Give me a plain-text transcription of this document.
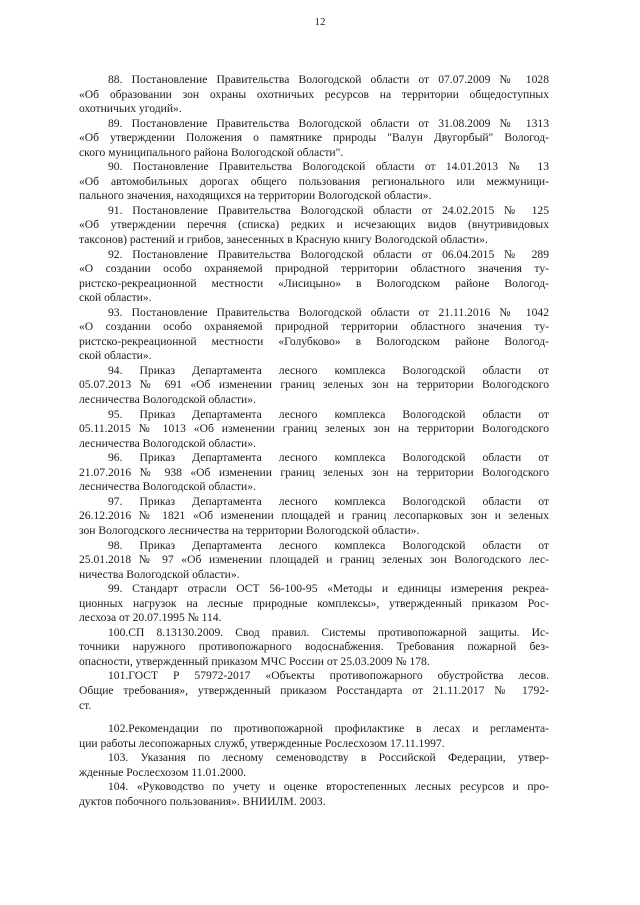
12
88. Постановление Правительства Вологодской области от 07.07.2009 № 1028
«Об образовании зон охраны охотничьих ресурсов на территории общедоступных
охотничьих угодий».
89. Постановление Правительства Вологодской области от 31.08.2009 № 1313
«Об утверждении Положения о памятнике природы "Валун Двугорбый" Вологод-
ского муниципального района Вологодской области".
90. Постановление Правительства Вологодской области от 14.01.2013 № 13
«Об автомобильных дорогах общего пользования регионального или межмуници-
пального значения, находящихся на территории Вологодской области».
91. Постановление Правительства Вологодской области от 24.02.2015 № 125
«Об утверждении перечня (списка) редких и исчезающих видов (внутривидовых
таксонов) растений и грибов, занесенных в Красную книгу Вологодской области».
92. Постановление Правительства Вологодской области от 06.04.2015 № 289
«О создании особо охраняемой природной территории областного значения ту-
ристско-рекреационной местности «Лисицыно» в Вологодском районе Вологод-
ской области».
93. Постановление Правительства Вологодской области от 21.11.2016 № 1042
«О создании особо охраняемой природной территории областного значения ту-
ристско-рекреационной местности «Голубково» в Вологодском районе Вологод-
ской области».
94. Приказ Департамента лесного комплекса Вологодской области от
05.07.2013 № 691 «Об изменении границ зеленых зон на территории Вологодского
лесничества Вологодской области».
95. Приказ Департамента лесного комплекса Вологодской области от
05.11.2015 № 1013 «Об изменении границ зеленых зон на территории Вологодского
лесничества Вологодской области».
96. Приказ Департамента лесного комплекса Вологодской области от
21.07.2016 № 938 «Об изменении границ зеленых зон на территории Вологодского
лесничества Вологодской области».
97. Приказ Департамента лесного комплекса Вологодской области от
26.12.2016 № 1821 «Об изменении площадей и границ лесопарковых зон и зеленых
зон Вологодского лесничества на территории Вологодской области».
98. Приказ Департамента лесного комплекса Вологодской области от
25.01.2018 № 97 «Об изменении площадей и границ зеленых зон Вологодского лес-
ничества Вологодской области».
99. Стандарт отрасли ОСТ 56-100-95 «Методы и единицы измерения рекреа-
ционных нагрузок на лесные природные комплексы», утвержденный приказом Рос-
лесхоза от 20.07.1995 № 114.
100.СП 8.13130.2009. Свод правил. Системы противопожарной защиты. Ис-
точники наружного противопожарного водоснабжения. Требования пожарной без-
опасности, утвержденный приказом МЧС России от 25.03.2009 № 178.
101.ГОСТ Р 57972-2017 «Объекты противопожарного обустройства лесов.
Общие требования», утвержденный приказом Росстандарта от 21.11.2017 № 1792-
ст.
102.Рекомендации по противопожарной профилактике в лесах и регламента-
ции работы лесопожарных служб, утвержденные Рослесхозом 17.11.1997.
103. Указания по лесному семеноводству в Российской Федерации, утвер-
жденные Рослесхозом 11.01.2000.
104. «Руководство по учету и оценке второстепенных лесных ресурсов и про-
дуктов побочного пользования». ВНИИЛМ. 2003.
